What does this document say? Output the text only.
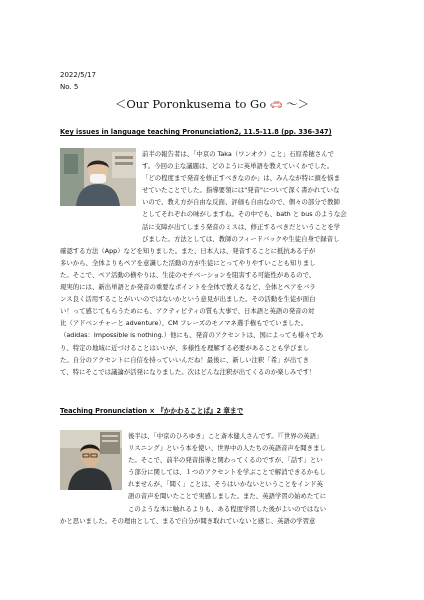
2022/5/17
No. 5
＜Our Poronkusema to Go 🚗︎ ～＞
Key issues in language teaching Pronunciation2, 11.5-11.8 (pp. 336-347)
前半の報告者は、「中京の Taka（ワンオク）こと」石原希穂さんで
す。今回の主な議題は、どのように英単語を教えていくかでした。
「どの程度まで発音を修正すべきなのか」は、みんなが特に頭を悩ま
せていたことでした。指導要領には"発音"について深く書かれていな
いので、教え方が自由な反面、評価も自由なので、個々の部分で教師
としてそれぞれの味がしますね。その中でも、bath と bus のような会
話に支障が出てしまう発音のミスは、修正するべきだということを学
びました。方法としては、教師のフィードバックや生徒自身で録音し
確認する方法（App）などを知りました。また、日本人は、発音することに抵抗ある子が
多いから、全体よりもペアを意識した活動の方が生徒にとってやりやすいことも知りまし
た。そこで、ペア活動の横やりは、生徒のモチベーションを阻害する可能性があるので、
現実的には、新出単語とか発音の重要なポイントを全体で教えるなど、全体とペアをバラ
ンス良く活用することがいいのではないかという意見が出ました。その活動を生徒が面白
い！って感じてもらうためにも、アクティビティの質も大事で、日本語と英語の発音の対
比（アドベンチャーと adventure）、CM フレーズのモノマネ選手権もでていました。
（adidas：Impossible is nothing.）他にも、発音のアクセントは、国によっても様々であ
り、特定の地域に近づけることはいいが、多様性を理解する必要があることも学びまし
た。自分のアクセントに自信を持っていいんだね！最後に、新しい注釈「希」が出てき
て、特にそこでは議論が活発になりました。次はどんな注釈が出てくるのか楽しみです！
Teaching Pronunciation × 『かかわることば』2 章まで
後半は、「中京のひろゆき」こと斎木健人さんです。『「世界の英語」
リスニング』という本を使い、世界中の人たちの英語音声を聞きまし
た。そこで、前半の発音指導と関わってくるのですが、「話す」とい
う部分に関しては、１つのアクセントを学ぶことで解消できるかもし
れませんが、「聞く」ことは、そうはいかないということをインド英
語の音声を聞いたことで実感しました。また、英語学習の始めたてに
このような本に触れるよりも、ある程度学習した後がよいのではない
かと思いました。その理由として、まるで自分が聞き取れていないと感じ、英語の学習意
